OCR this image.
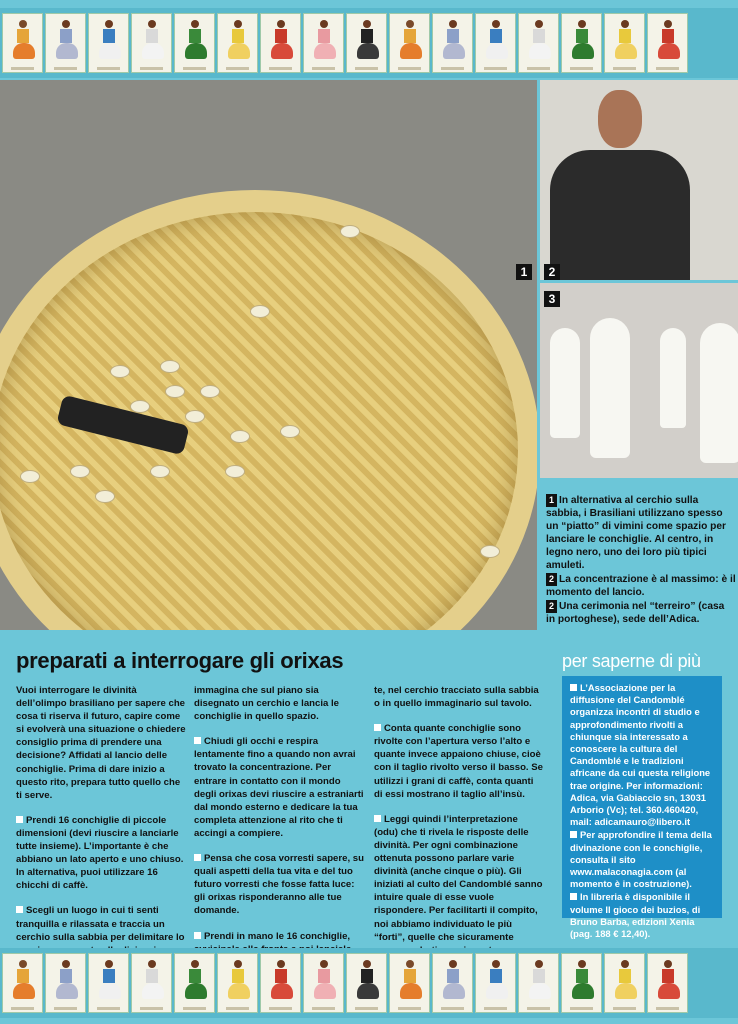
1	2
3

1 In alternativa al cerchio sulla sabbia, i Brasiliani utilizzano spesso un “piatto” di vimini come spazio per lanciare le conchiglie. Al centro, in legno nero, uno dei loro più tipici amuleti.

2 La concentrazione è al massimo: è il momento del lancio.

2 Una cerimonia nel “terreiro” (casa in portoghese), sede dell’Adica.

preparati a interrogare gli orixas

Vuoi interrogare le divinità dell’olimpo brasiliano per sapere che cosa ti riserva il futuro, capire come si evolverà una situazione o chiedere consiglio prima di prendere una decisione? Affidati al lancio delle conchiglie. Prima di dare inizio a questo rito, prepara tutto quello che ti serve.

Prendi 16 conchiglie di piccole dimensioni (devi riuscire a lanciarle tutte insieme). L’importante è che abbiano un lato aperto e uno chiuso. In alternativa, puoi utilizzare 16 chicchi di caffè.

Scegli un luogo in cui ti senti tranquilla e rilassata e traccia un cerchio sulla sabbia per delimitare lo

immagina che sul piano sia disegnato un cerchio e lancia le conchiglie in quello spazio.

Chiudi gli occhi e respira lentamente fino a quando non avrai trovato la concentrazione. Per entrare in contatto con il mondo degli orixas devi riuscire a estraniarti dal mondo esterno e dedicare la tua completa attenzione al rito che ti accingi a compiere.

Pensa che cosa vorresti sapere, su quali aspetti della tua vita e del tuo futuro vorresti che fosse fatta luce: gli orixas risponderanno alle tue domande.

Prendi in mano le 16 conchiglie,

te, nel cerchio tracciato sulla sabbia o in quello immaginario sul tavolo.

Conta quante conchiglie sono rivolte con l’apertura verso l’alto e quante invece appaiono chiuse, cioè con il taglio rivolto verso il basso. Se utilizzi i grani di caffè, conta quanti di essi mostrano il taglio all’insù.

Leggi quindi l’interpretazione (odu) che ti rivela le risposte delle divinità. Per ogni combinazione ottenuta possono parlare varie divinità (anche cinque o più). Gli iniziati al culto del Candomblé sanno intuire quale di esse vuole rispondere. Per facilitarti il compito, noi abbiamo individuato le più “forti”, quelle che sicuramente

per saperne di più

L’Associazione per la diffusione del Candomblé organizza incontri di studio e approfondimento rivolti a chiunque sia interessato a conoscere la cultura del Candomblé e le tradizioni africane da cui questa religione trae origine. Per informazioni: Adica, via Gabiaccio sn, 13031 Arborio (Vc); tel. 360.460420, mail: adicamauro@libero.it

Per approfondire il tema della divinazione con le conchiglie, consulta il sito www.malaconagia.com (al momento è in costruzione).

In libreria è disponibile il volume Il gioco dei buzios, di Bruno Barba, edizioni Xenia (pag. 188 € 12,40).
